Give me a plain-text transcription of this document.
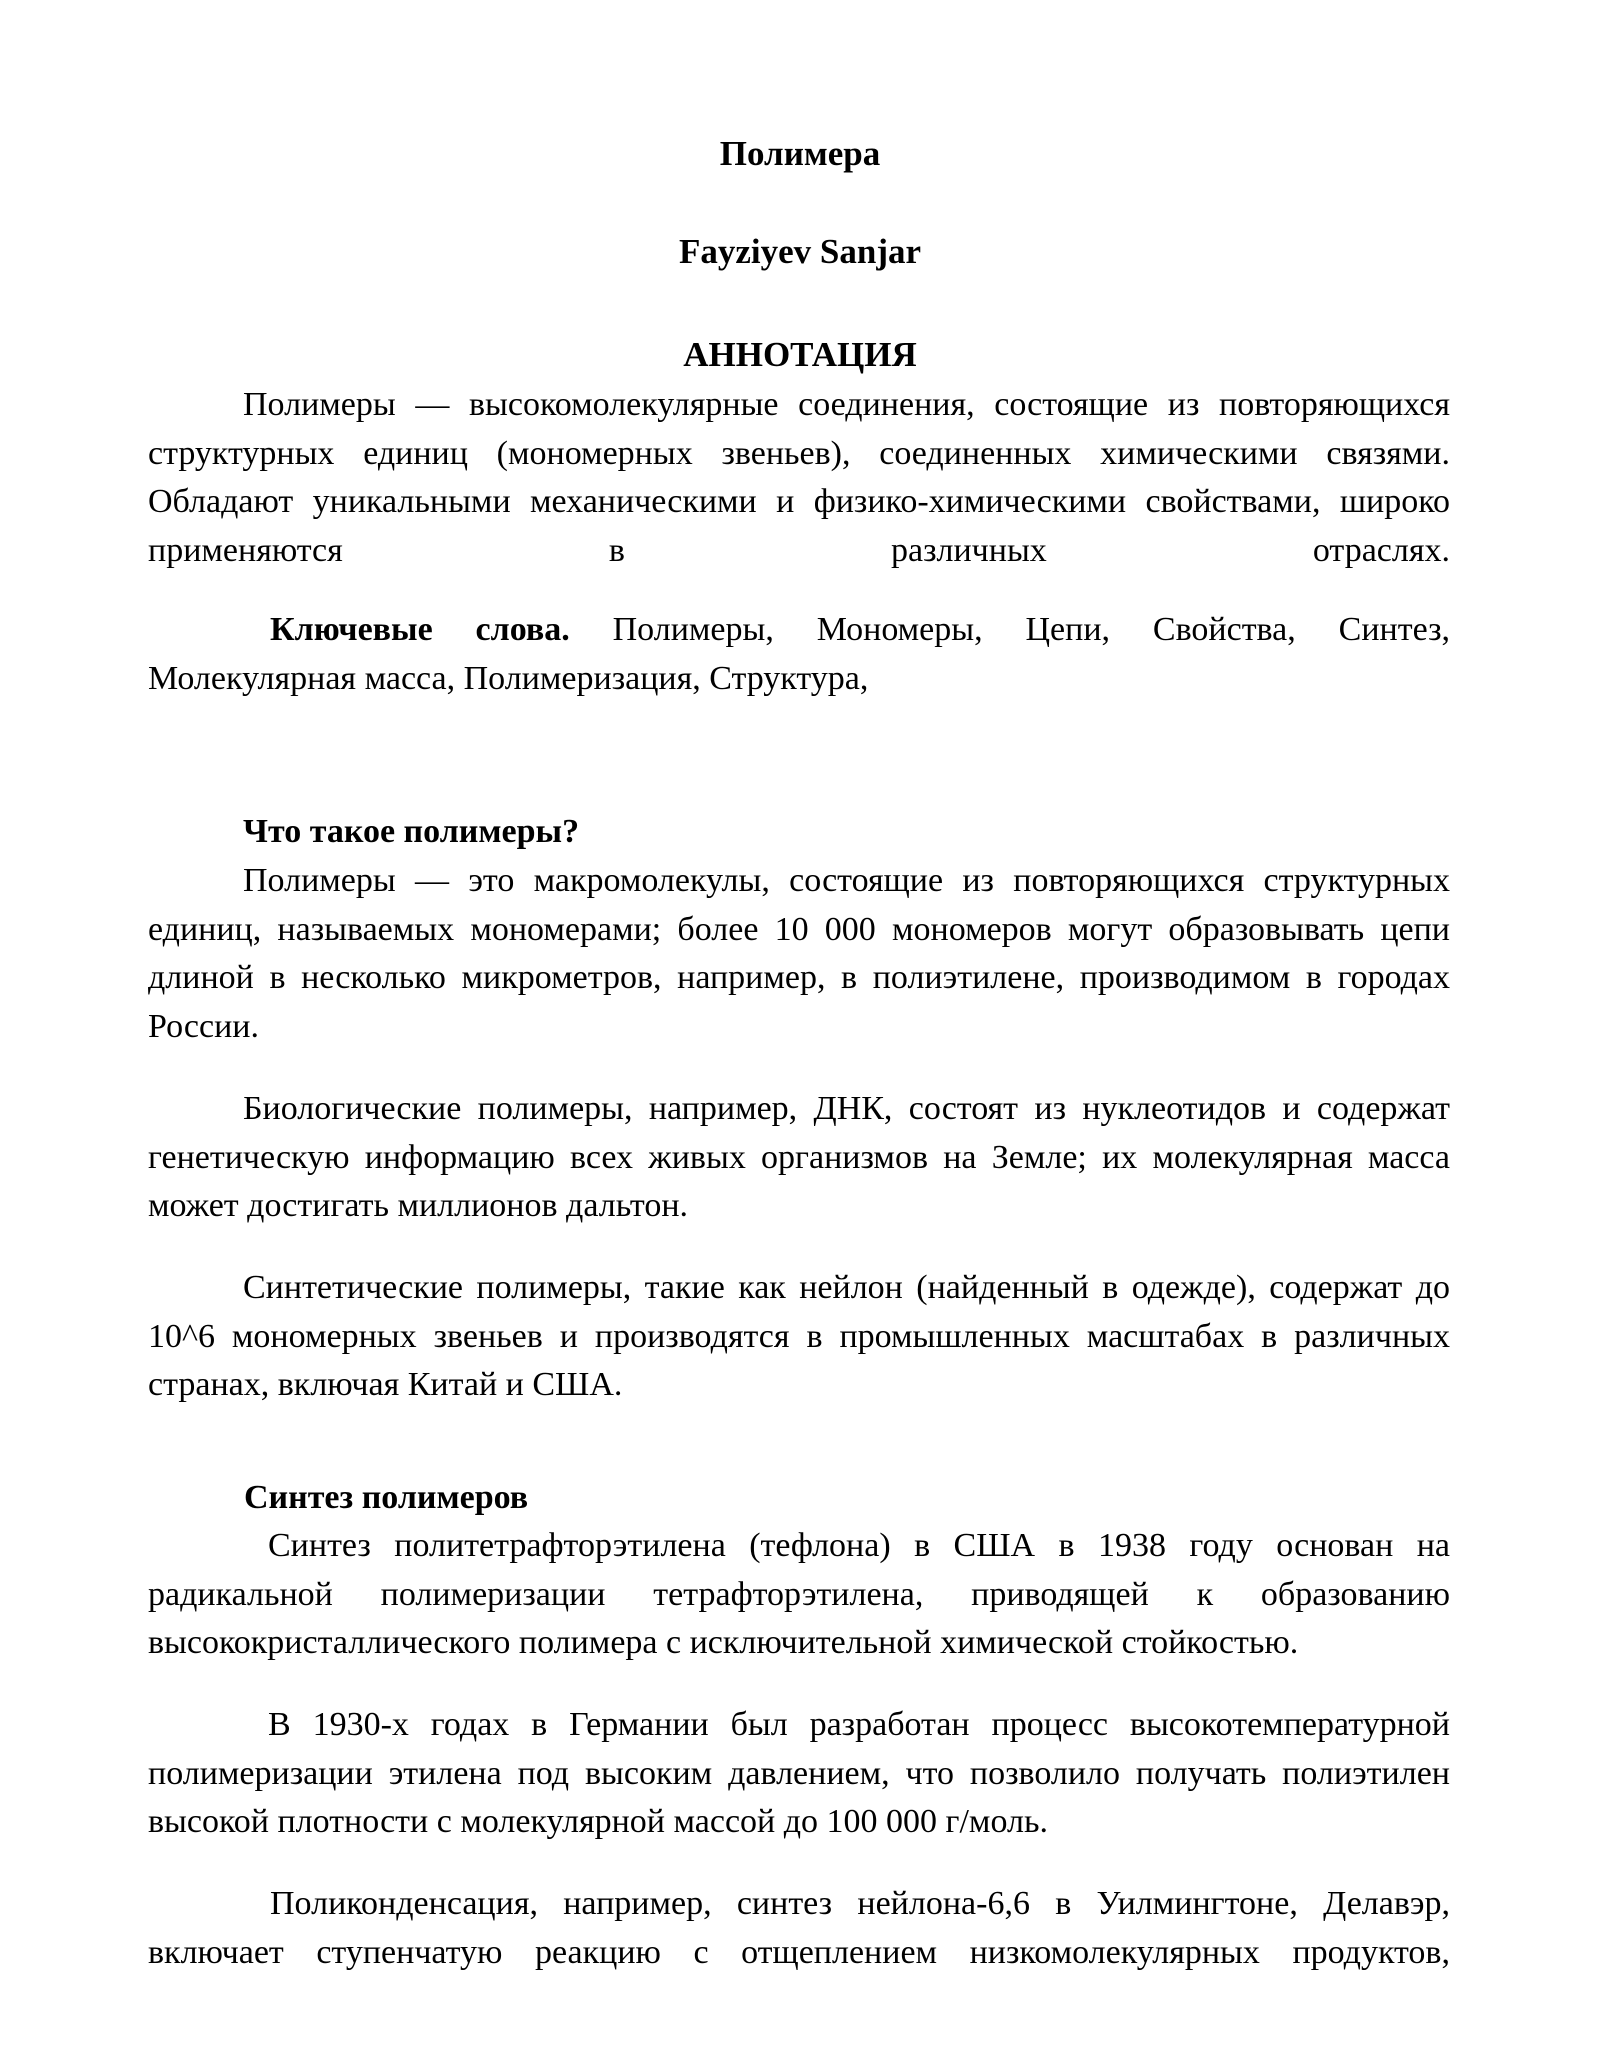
Полимера
Fayziyev Sanjar
АННОТАЦИЯ

Полимеры — высокомолекулярные соединения, состоящие из повторяющихся структурных единиц (мономерных звеньев), соединенных химическими связями. Обладают уникальными механическими и физико-химическими свойствами, широко применяются в различных отраслях.

Ключевые слова. Полимеры, Мономеры, Цепи, Свойства, Синтез, Молекулярная масса, Полимеризация, Структура,

Что такое полимеры?

Полимеры — это макромолекулы, состоящие из повторяющихся структурных единиц, называемых мономерами; более 10 000 мономеров могут образовывать цепи длиной в несколько микрометров, например, в полиэтилене, производимом в городах России.

Биологические полимеры, например, ДНК, состоят из нуклеотидов и содержат генетическую информацию всех живых организмов на Земле; их молекулярная масса может достигать миллионов дальтон.

Синтетические полимеры, такие как нейлон (найденный в одежде), содержат до 10^6 мономерных звеньев и производятся в промышленных масштабах в различных странах, включая Китай и США.

Синтез полимеров

Синтез политетрафторэтилена (тефлона) в США в 1938 году основан на радикальной полимеризации тетрафторэтилена, приводящей к образованию высококристаллического полимера с исключительной химической стойкостью.

В 1930-х годах в Германии был разработан процесс высокотемпературной полимеризации этилена под высоким давлением, что позволило получать полиэтилен высокой плотности с молекулярной массой до 100 000 г/моль.

Поликонденсация, например, синтез нейлона-6,6 в Уилмингтоне, Делавэр, включает ступенчатую реакцию с отщеплением низкомолекулярных продуктов,
